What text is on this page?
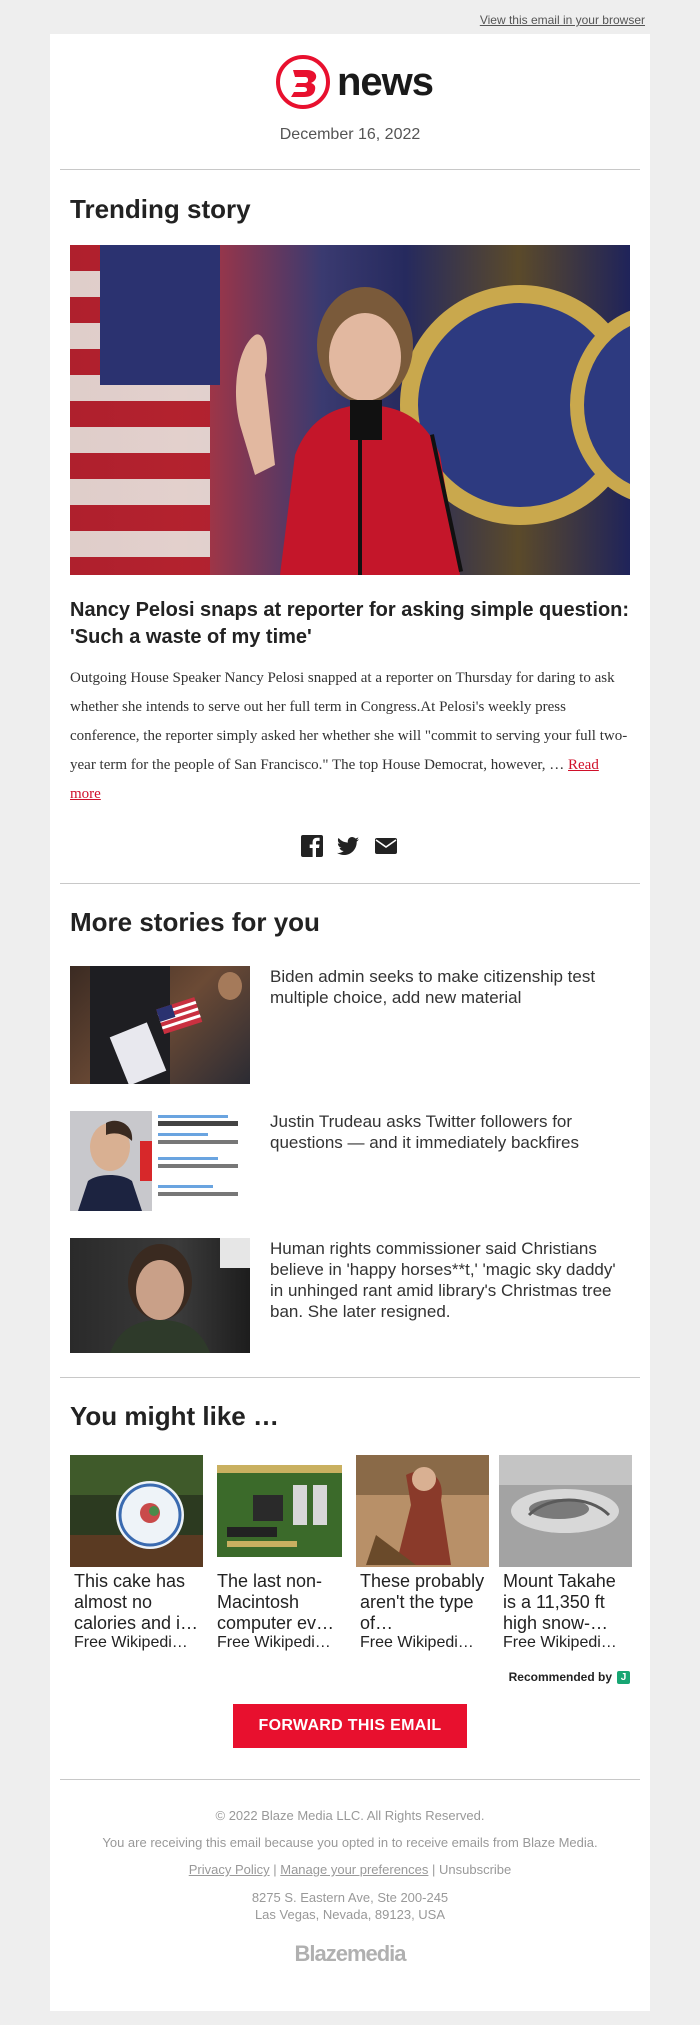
View this email in your browser
news
December 16, 2022
Trending story
Nancy Pelosi snaps at reporter for asking simple question: 'Such a waste of my time'
Outgoing House Speaker Nancy Pelosi snapped at a reporter on Thursday for daring to ask whether she intends to serve out her full term in Congress.At Pelosi's weekly press conference, the reporter simply asked her whether she will "commit to serving your full two-year term for the people of San Francisco." The top House Democrat, however, … Read more
More stories for you
Biden admin seeks to make citizenship test multiple choice, add new material
Justin Trudeau asks Twitter followers for questions — and it immediately backfires
Human rights commissioner said Christians believe in 'happy horses**t,' 'magic sky daddy' in unhinged rant amid library's Christmas tree ban. She later resigned.
You might like …
This cake has almost no calories and i…
Free Wikipedi…
The last non-Macintosh computer ev…
Free Wikipedi…
These probably aren't the type of…
Free Wikipedi…
Mount Takahe is a 11,350 ft high snow-…
Free Wikipedi…
Recommended by J
FORWARD THIS EMAIL
© 2022 Blaze Media LLC. All Rights Reserved.
You are receiving this email because you opted in to receive emails from Blaze Media.
Privacy Policy | Manage your preferences | Unsubscribe
8275 S. Eastern Ave, Ste 200-245
Las Vegas, Nevada, 89123, USA
Blazemedia
